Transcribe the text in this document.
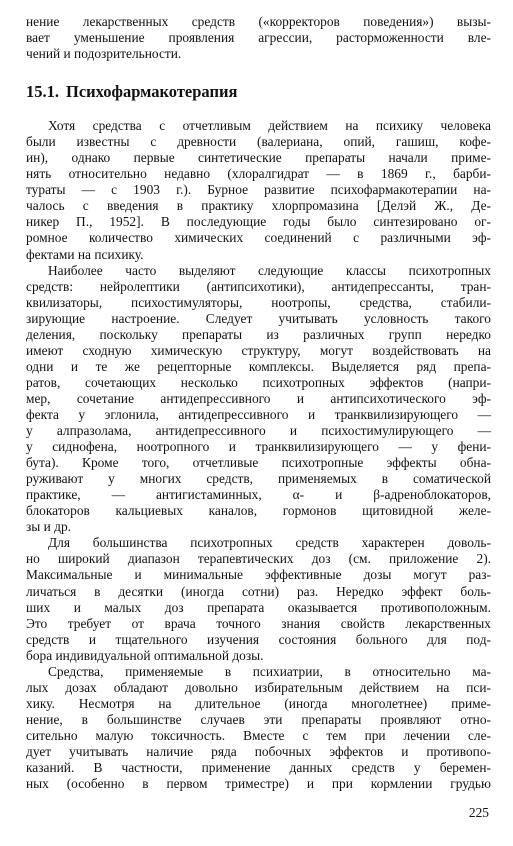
нение лекарственных средств («корректоров поведения») вызы-
вает уменьшение проявления агрессии, расторможенности вле-
чений и подозрительности.
15.1. Психофармакотерапия
Хотя средства с отчетливым действием на психику человека
были известны с древности (валериана, опий, гашиш, кофе-
ин), однако первые синтетические препараты начали приме-
нять относительно недавно (хлоралгидрат — в 1869 г., барби-
тураты — с 1903 г.). Бурное развитие психофармакотерапии на-
чалось с введения в практику хлорпромазина [Делэй Ж., Де-
никер П., 1952]. В последующие годы было синтезировано ог-
ромное количество химических соединений с различными эф-
фектами на психику.
Наиболее часто выделяют следующие классы психотропных
средств: нейролептики (антипсихотики), антидепрессанты, тран-
квилизаторы, психостимуляторы, ноотропы, средства, стабили-
зирующие настроение. Следует учитывать условность такого
деления, поскольку препараты из различных групп нередко
имеют сходную химическую структуру, могут воздействовать на
одни и те же рецепторные комплексы. Выделяется ряд препа-
ратов, сочетающих несколько психотропных эффектов (напри-
мер, сочетание антидепрессивного и антипсихотического эф-
фекта у эглонила, антидепрессивного и транквилизирующего —
у алпразолама, антидепрессивного и психостимулирующего —
у сиднофена, ноотропного и транквилизирующего — у фени-
бута). Кроме того, отчетливые психотропные эффекты обна-
руживают у многих средств, применяемых в соматической
практике, — антигистаминных, α- и β-адреноблокаторов,
блокаторов кальциевых каналов, гормонов щитовидной желе-
зы и др.
Для большинства психотропных средств характерен доволь-
но широкий диапазон терапевтических доз (см. приложение 2).
Максимальные и минимальные эффективные дозы могут раз-
личаться в десятки (иногда сотни) раз. Нередко эффект боль-
ших и малых доз препарата оказывается противоположным.
Это требует от врача точного знания свойств лекарственных
средств и тщательного изучения состояния больного для под-
бора индивидуальной оптимальной дозы.
Средства, применяемые в психиатрии, в относительно ма-
лых дозах обладают довольно избирательным действием на пси-
хику. Несмотря на длительное (иногда многолетнее) приме-
нение, в большинстве случаев эти препараты проявляют отно-
сительно малую токсичность. Вместе с тем при лечении сле-
дует учитывать наличие ряда побочных эффектов и противопо-
казаний. В частности, применение данных средств у беремен-
ных (особенно в первом триместре) и при кормлении грудью
225
